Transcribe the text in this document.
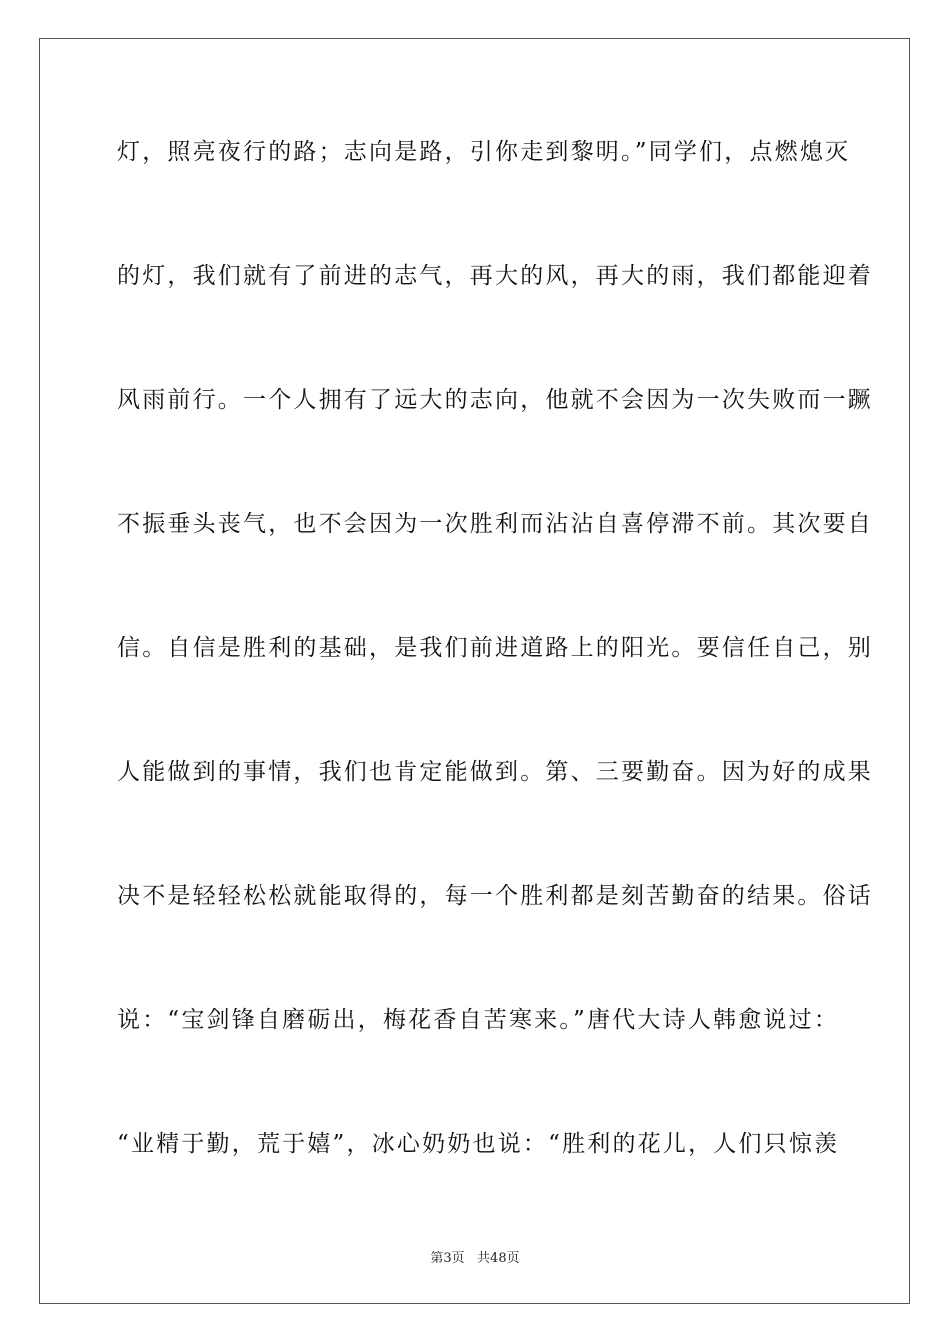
灯，照亮夜行的路；志向是路，引你走到黎明。”同学们，点燃熄灭
的灯，我们就有了前进的志气，再大的风，再大的雨，我们都能迎着
风雨前行。一个人拥有了远大的志向，他就不会因为一次失败而一蹶
不振垂头丧气，也不会因为一次胜利而沾沾自喜停滞不前。其次要自
信。自信是胜利的基础，是我们前进道路上的阳光。要信任自己，别
人能做到的事情，我们也肯定能做到。第、三要勤奋。因为好的成果
决不是轻轻松松就能取得的，每一个胜利都是刻苦勤奋的结果。俗话
说：“宝剑锋自磨砺出，梅花香自苦寒来。”唐代大诗人韩愈说过：
“业精于勤，荒于嬉”，冰心奶奶也说：“胜利的花儿，人们只惊羡
第3页   共48页
